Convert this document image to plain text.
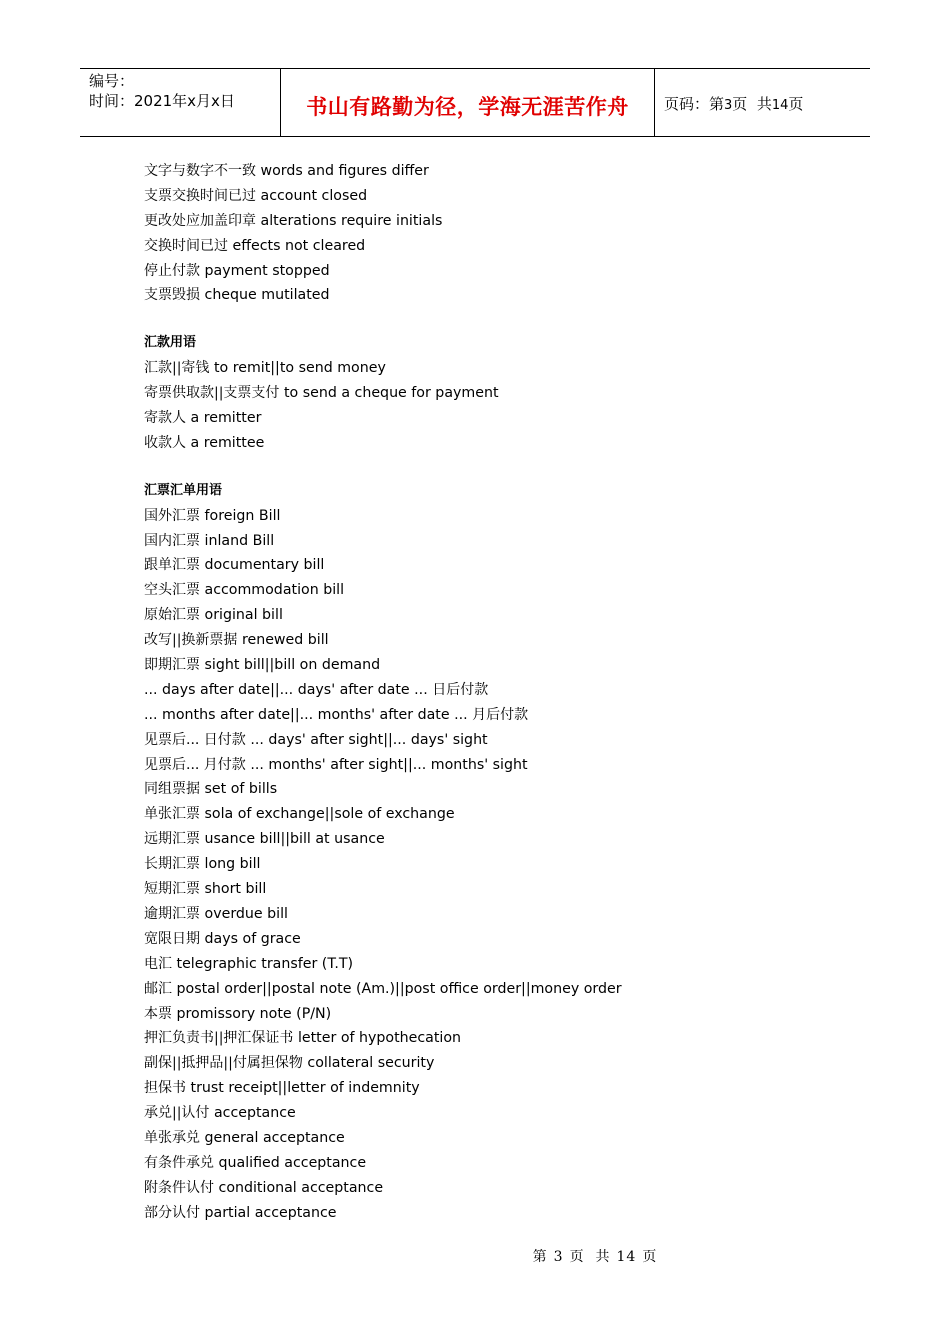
编号：
时间：2021年x月x日	书山有路勤为径，学海无涯苦作舟	页码：第3页  共14页
文字与数字不一致 words and figures differ
支票交换时间已过 account closed
更改处应加盖印章 alterations require initials
交换时间已过 effects not cleared
停止付款 payment stopped
支票毁损 cheque mutilated
汇款用语
汇款||寄钱 to remit||to send money
寄票供取款||支票支付 to send a cheque for payment
寄款人 a remitter
收款人 a remittee
汇票汇单用语
国外汇票 foreign Bill
国内汇票 inland Bill
跟单汇票 documentary bill
空头汇票 accommodation bill
原始汇票 original bill
改写||换新票据 renewed bill
即期汇票 sight bill||bill on demand
... days after date||... days' after date ... 日后付款
... months after date||... months' after date ... 月后付款
见票后... 日付款 ... days' after sight||... days' sight
见票后... 月付款 ... months' after sight||... months' sight
同组票据 set of bills
单张汇票 sola of exchange||sole of exchange
远期汇票 usance bill||bill at usance
长期汇票 long bill
短期汇票 short bill
逾期汇票 overdue bill
宽限日期 days of grace
电汇 telegraphic transfer (T.T)
邮汇 postal order||postal note (Am.)||post office order||money order
本票 promissory note (P/N)
押汇负责书||押汇保证书 letter of hypothecation
副保||抵押品||付属担保物 collateral security
担保书 trust receipt||letter of indemnity
承兑||认付 acceptance
单张承兑 general acceptance
有条件承兑 qualified acceptance
附条件认付 conditional acceptance
部分认付 partial acceptance
第 3 页  共 14 页
